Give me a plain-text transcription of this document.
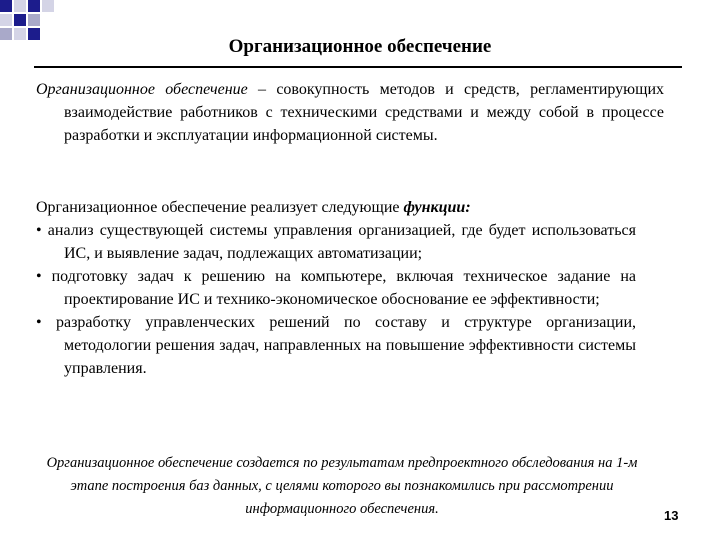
Организационное обеспечение
Организационное обеспечение – совокупность методов и средств, регламентирующих взаимодействие работников с техническими средствами и между собой в процессе разработки и эксплуатации информационной системы.
Организационное обеспечение реализует следующие функции:
• анализ существующей системы управления организацией, где будет использоваться ИС, и выявление задач, подлежащих автоматизации;
• подготовку задач к решению на компьютере, включая техническое задание на проектирование ИС и технико-экономическое обоснование ее эффективности;
• разработку управленческих решений по составу и структуре организации, методологии решения задач, направленных на повышение эффективности системы управления.
Организационное обеспечение создается по результатам предпроектного обследования на 1-м этапе построения баз данных, с целями которого вы познакомились при рассмотрении информационного обеспечения.	13
